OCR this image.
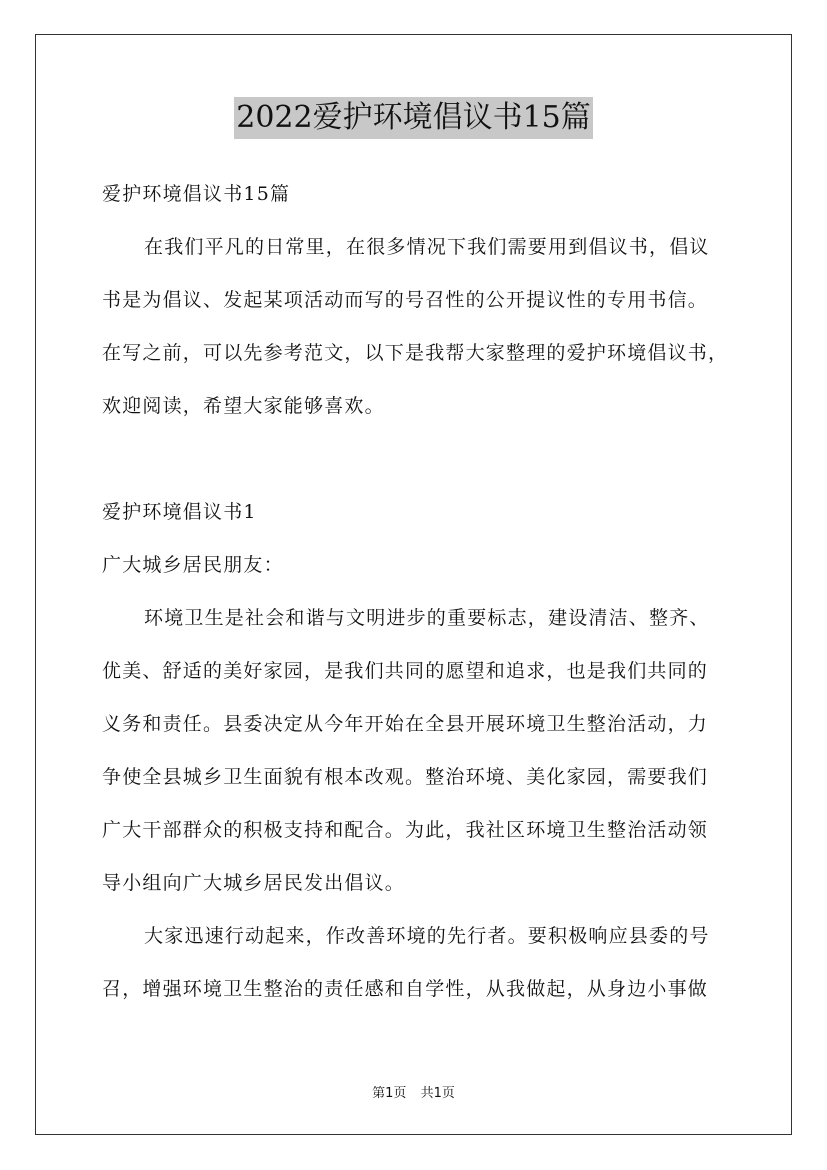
2022爱护环境倡议书15篇
爱护环境倡议书15篇
在我们平凡的日常里，在很多情况下我们需要用到倡议书，倡议
书是为倡议、发起某项活动而写的号召性的公开提议性的专用书信。
在写之前，可以先参考范文，以下是我帮大家整理的爱护环境倡议书，
欢迎阅读，希望大家能够喜欢。
爱护环境倡议书1
广大城乡居民朋友：
环境卫生是社会和谐与文明进步的重要标志，建设清洁、整齐、
优美、舒适的美好家园，是我们共同的愿望和追求，也是我们共同的
义务和责任。县委决定从今年开始在全县开展环境卫生整治活动，力
争使全县城乡卫生面貌有根本改观。整治环境、美化家园，需要我们
广大干部群众的积极支持和配合。为此，我社区环境卫生整治活动领
导小组向广大城乡居民发出倡议。
大家迅速行动起来，作改善环境的先行者。要积极响应县委的号
召，增强环境卫生整治的责任感和自学性，从我做起，从身边小事做
第1页 共1页
